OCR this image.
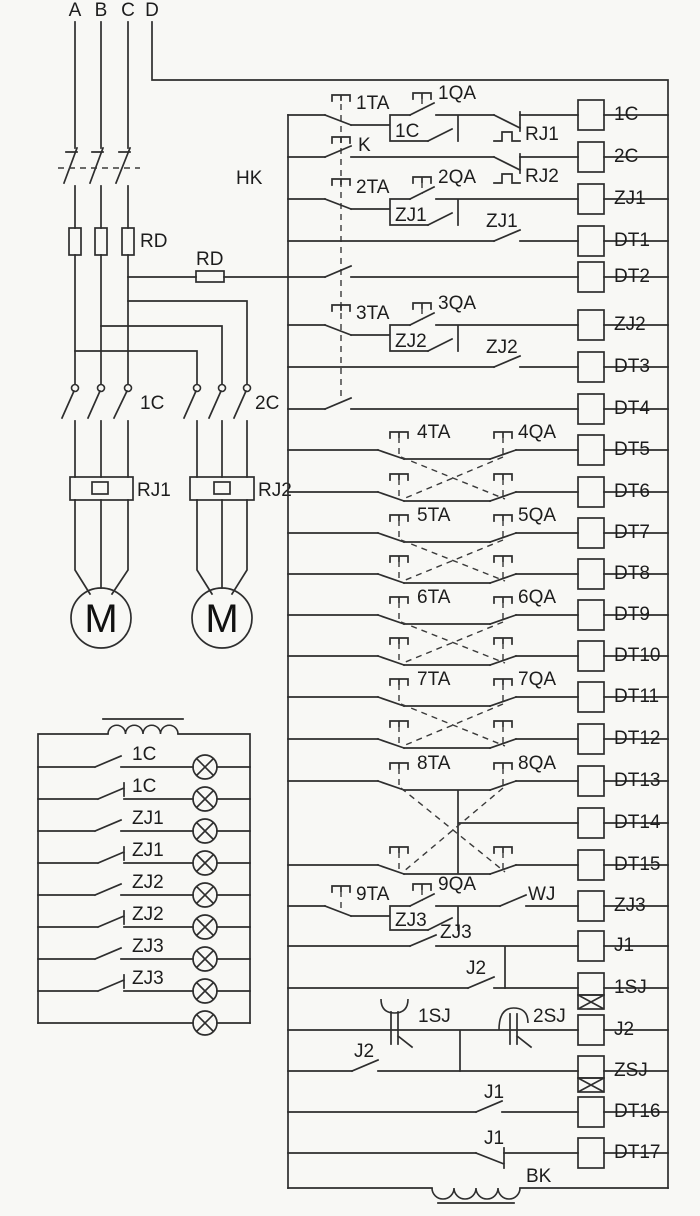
M M
A B C D
HK
RD
RD
1C	2C
RJ1	RJ2
1TA	1QA
1C	RJ1
1C
K
RJ2
2C
2TA	2QA
ZJ1
ZJ1
ZJ1
DT1
DT2
3TA	3QA
ZJ2
ZJ2
ZJ2
DT3
DT4
4TA	4QA
DT5
DT6
5TA	5QA
DT7
DT8
6TA	6QA
DT9
DT10
7TA	7QA
DT11
DT12
8TA	8QA
DT13
DT14
DT15
9TA	9QA
ZJ3
WJ
ZJ3
ZJ3
J1
J2
1SJ
1SJ	2SJ
J2
J2
ZSJ
J1
DT16
J1
DT17
BK
1C
1C
ZJ1
ZJ1
ZJ2
ZJ2
ZJ3
ZJ3
